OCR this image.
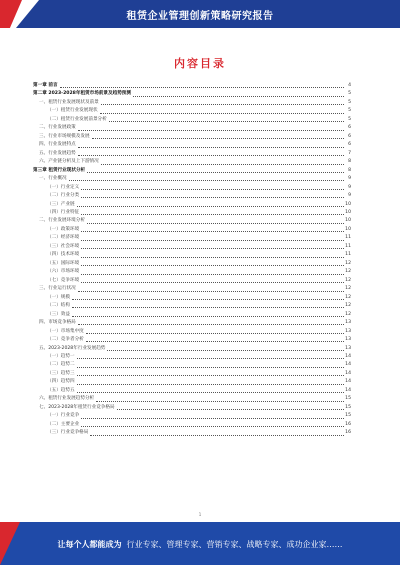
租赁企业管理创新策略研究报告
内容目录
第一章 前言	4
第二章 2023-2028年租赁市场前景及趋势预测	5
一、租赁行业发展现状及前景	5
（一）租赁行业发展现状	5
（二）租赁行业发展前景分析	5
二、行业发展政策	6
三、行业市场规模及发展	6
四、行业发展特点	6
五、行业发展趋势	7
六、产业链分析及上下游情况	8
第三章 租赁行业现状分析	8
一、行业概况	9
（一）行业定义	9
（二）行业分类	9
（三）产业链	10
（四）行业特征	10
二、行业发展环境分析	10
（一）政策环境	10
（二）经济环境	11
（三）社会环境	11
（四）技术环境	11
（五）国际环境	12
（六）市场环境	12
（七）竞争环境	12
三、行业运行状况	12
（一）规模	12
（二）结构	12
（三）效益	12
四、市场竞争格局	13
（一）市场集中度	13
（二）竞争者分析	13
五、2023-2028年行业发展趋势	13
（一）趋势一	14
（二）趋势二	14
（三）趋势三	14
（四）趋势四	14
（五）趋势五	14
六、租赁行业发展趋势分析	15
七、2023-2028年租赁行业竞争格局	15
（一）行业竞争	15
（二）主要企业	16
（三）行业竞争格局	16
1
让每个人都能成为 行业专家、管理专家、营销专家、战略专家、成功企业家……
